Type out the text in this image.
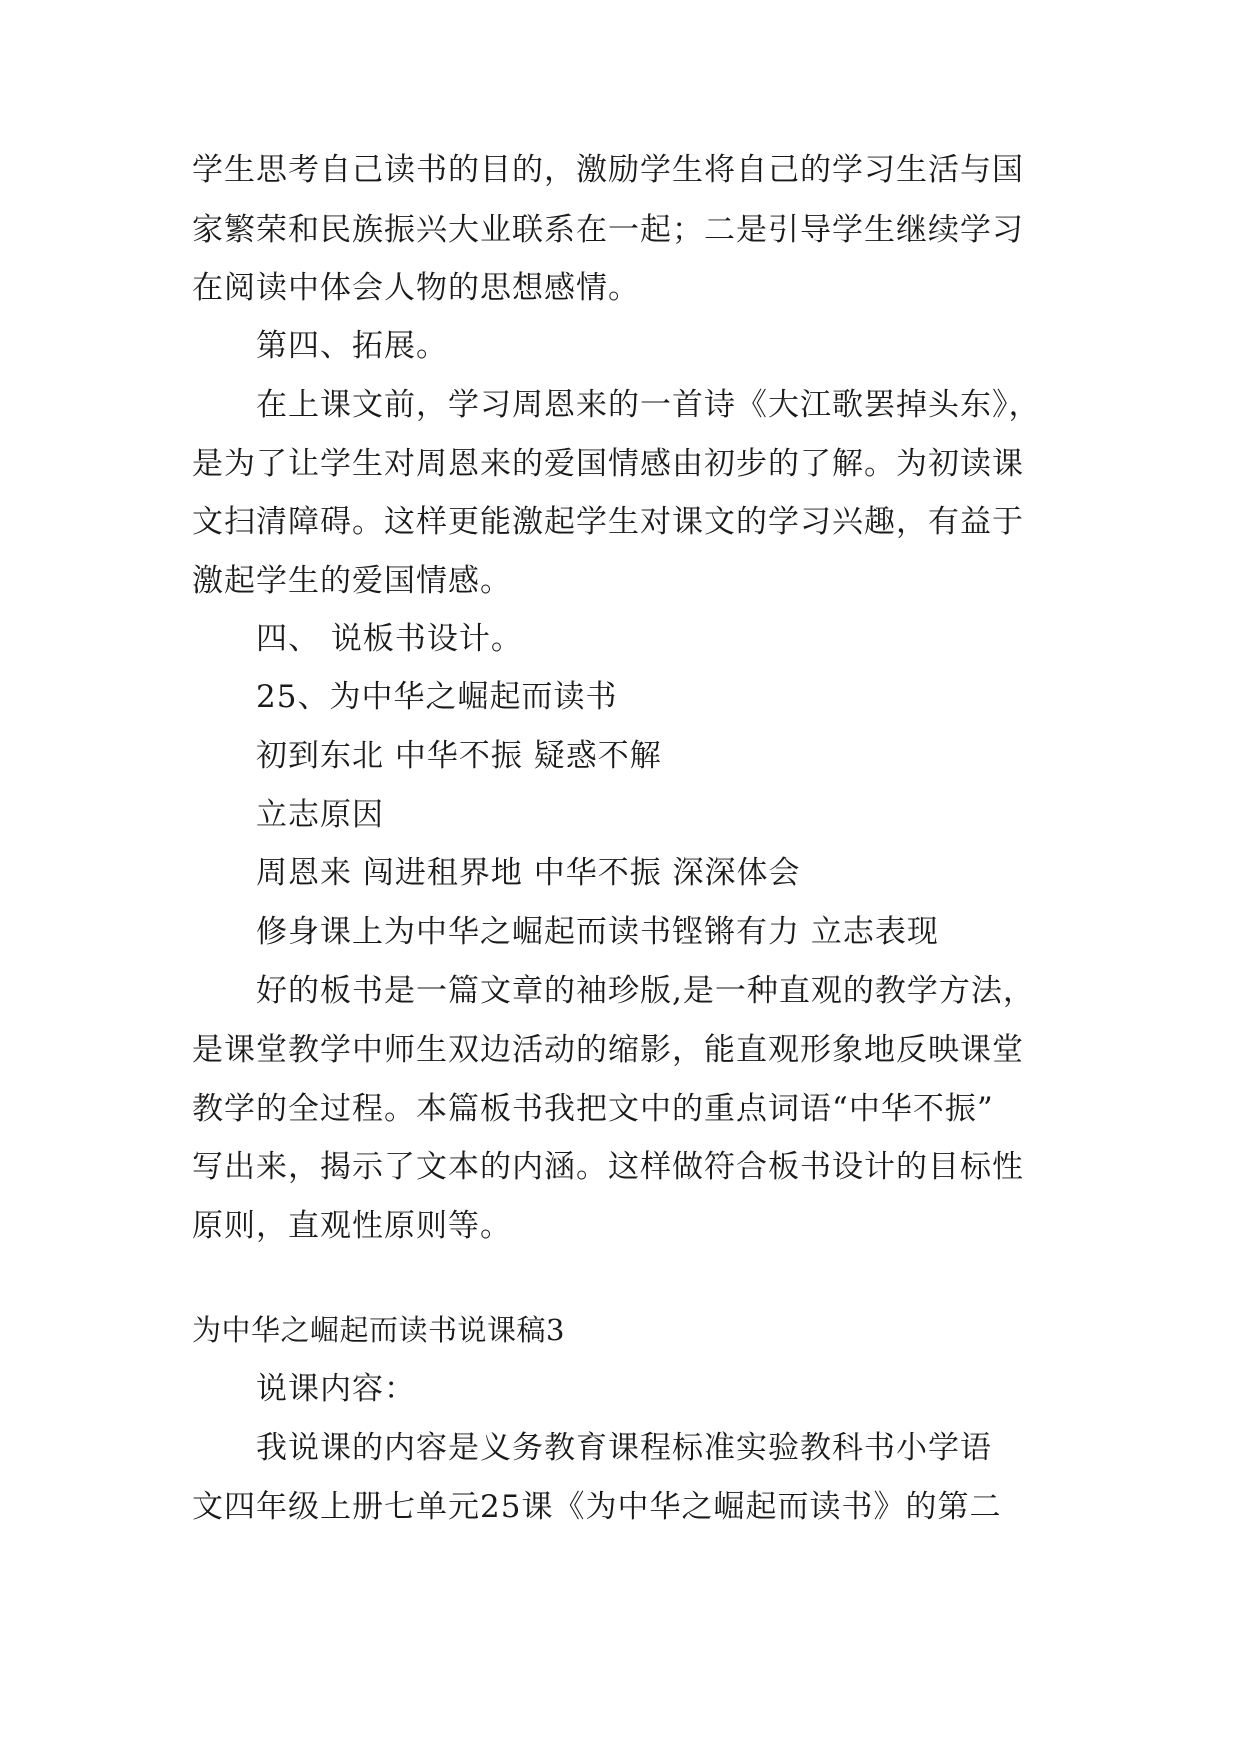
学生思考自己读书的目的，激励学生将自己的学习生活与国
家繁荣和民族振兴大业联系在一起；二是引导学生继续学习
在阅读中体会人物的思想感情。
第四、拓展。
在上课文前，学习周恩来的一首诗《大江歌罢掉头东》，
是为了让学生对周恩来的爱国情感由初步的了解。为初读课
文扫清障碍。这样更能激起学生对课文的学习兴趣，有益于
激起学生的爱国情感。
四、 说板书设计。
25、为中华之崛起而读书
初到东北 中华不振 疑惑不解
立志原因
周恩来 闯进租界地 中华不振 深深体会
修身课上为中华之崛起而读书铿锵有力 立志表现
好的板书是一篇文章的袖珍版,是一种直观的教学方法，
是课堂教学中师生双边活动的缩影，能直观形象地反映课堂
教学的全过程。本篇板书我把文中的重点词语“中华不振”
写出来，揭示了文本的内涵。这样做符合板书设计的目标性
原则，直观性原则等。
为中华之崛起而读书说课稿3
说课内容：
我说课的内容是义务教育课程标准实验教科书小学语
文四年级上册七单元25课《为中华之崛起而读书》的第二
